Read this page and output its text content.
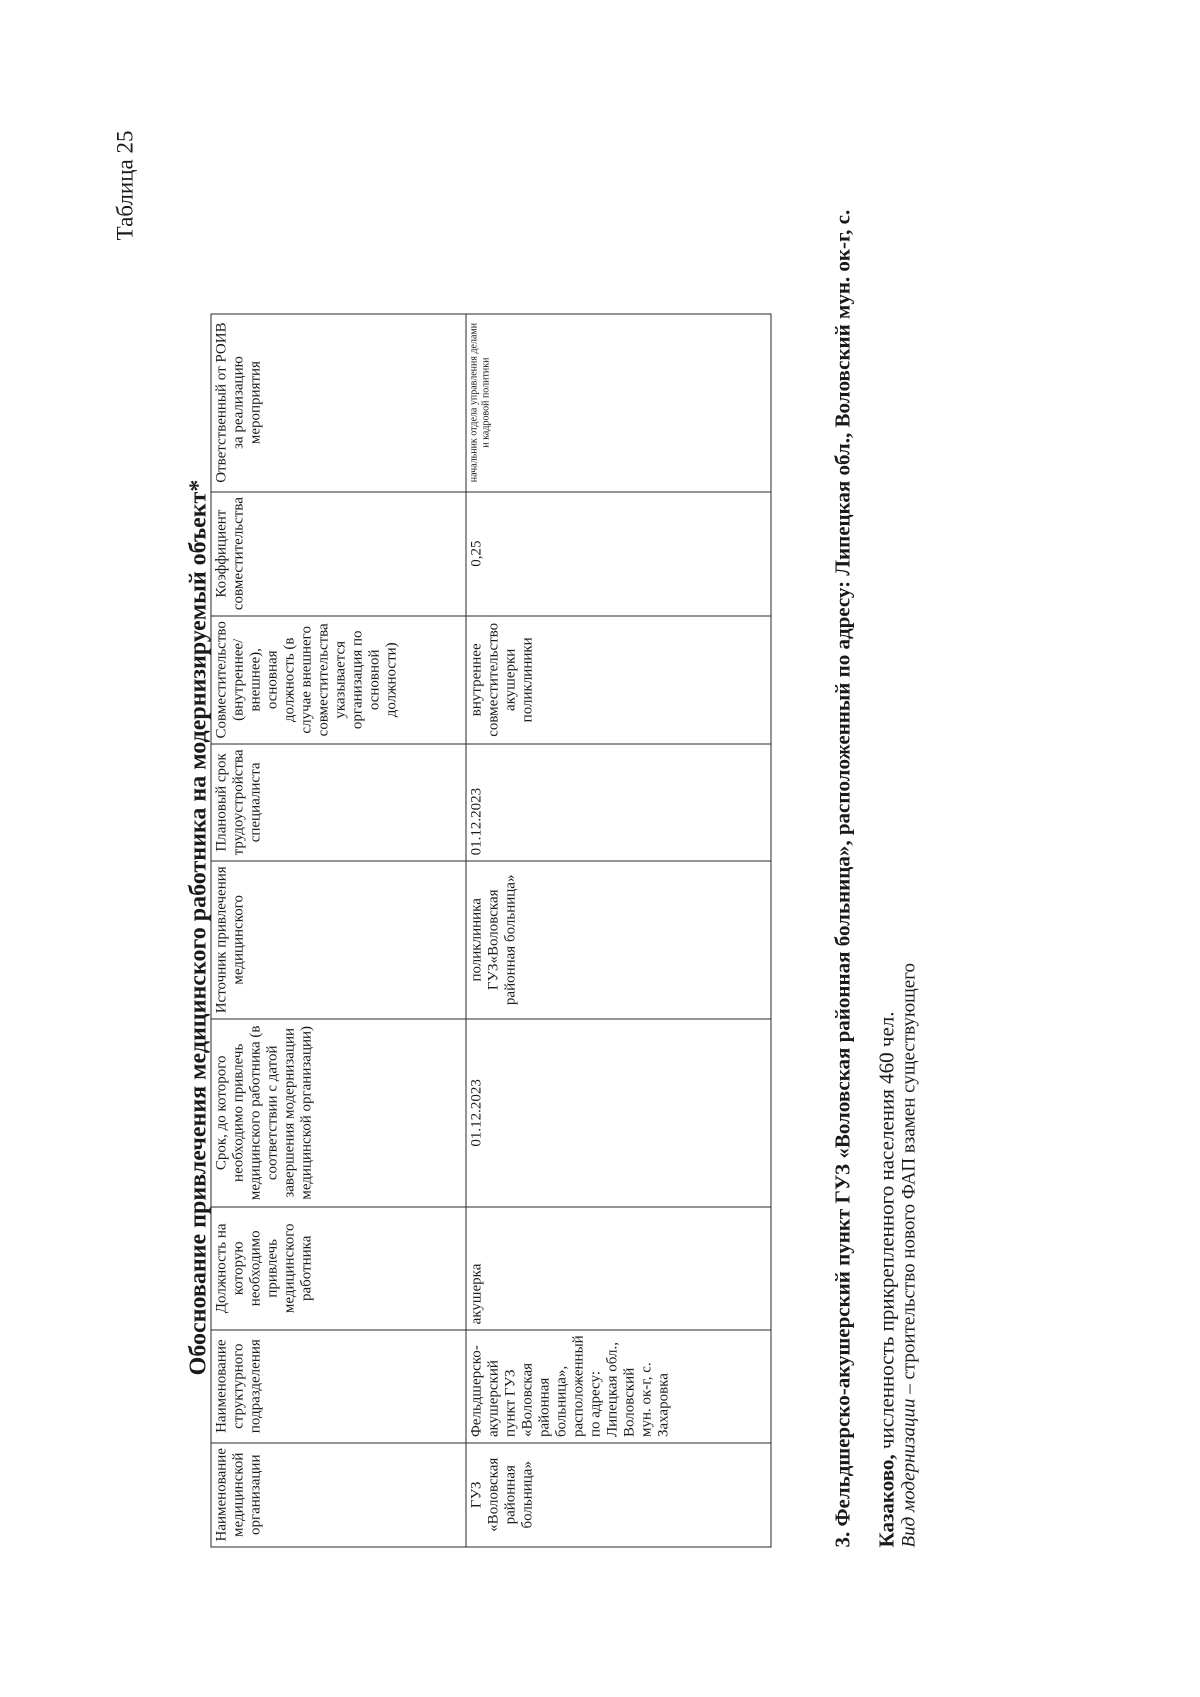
Таблица 25
Обоснование привлечения медицинского работника на модернизируемый объект*
Наименование медицинской организации	Наименование структурного подразделения	Должность на которую необходимо привлечь медицинского работника	Срок, до которого необходимо привлечь медицинского работника (в соответствии с датой завершения модернизации медицинской организации)	Источник привлечения медицинского	Плановый срок трудоустройства специалиста	Совместительство (внутреннее/внешнее), основная должность (в случае внешнего совместительства указывается организация по основной должности)	Коэффициент совместительства	Ответственный от РОИВ за реализацию мероприятия
ГУЗ «Воловская районная больница»	Фельдшерско-акушерский пункт ГУЗ «Воловская районная больница», расположенный по адресу: Липецкая обл., Воловский мун. ок-г, с. Захаровка	акушерка	01.12.2023	поликлиника ГУЗ«Воловская районная больница»	01.12.2023	внутреннее совместительство акушерки поликлиники	0,25	начальник отдела управления делами и кадровой политики	3. Фельдшерско-акушерский пункт ГУЗ «Воловская районная больница», расположенный по адресу: Липецкая обл., Воловский мун. ок-г, с. Казаково, численность прикрепленного населения 460 чел.
Вид модернизации – строительство нового ФАП взамен существующего
